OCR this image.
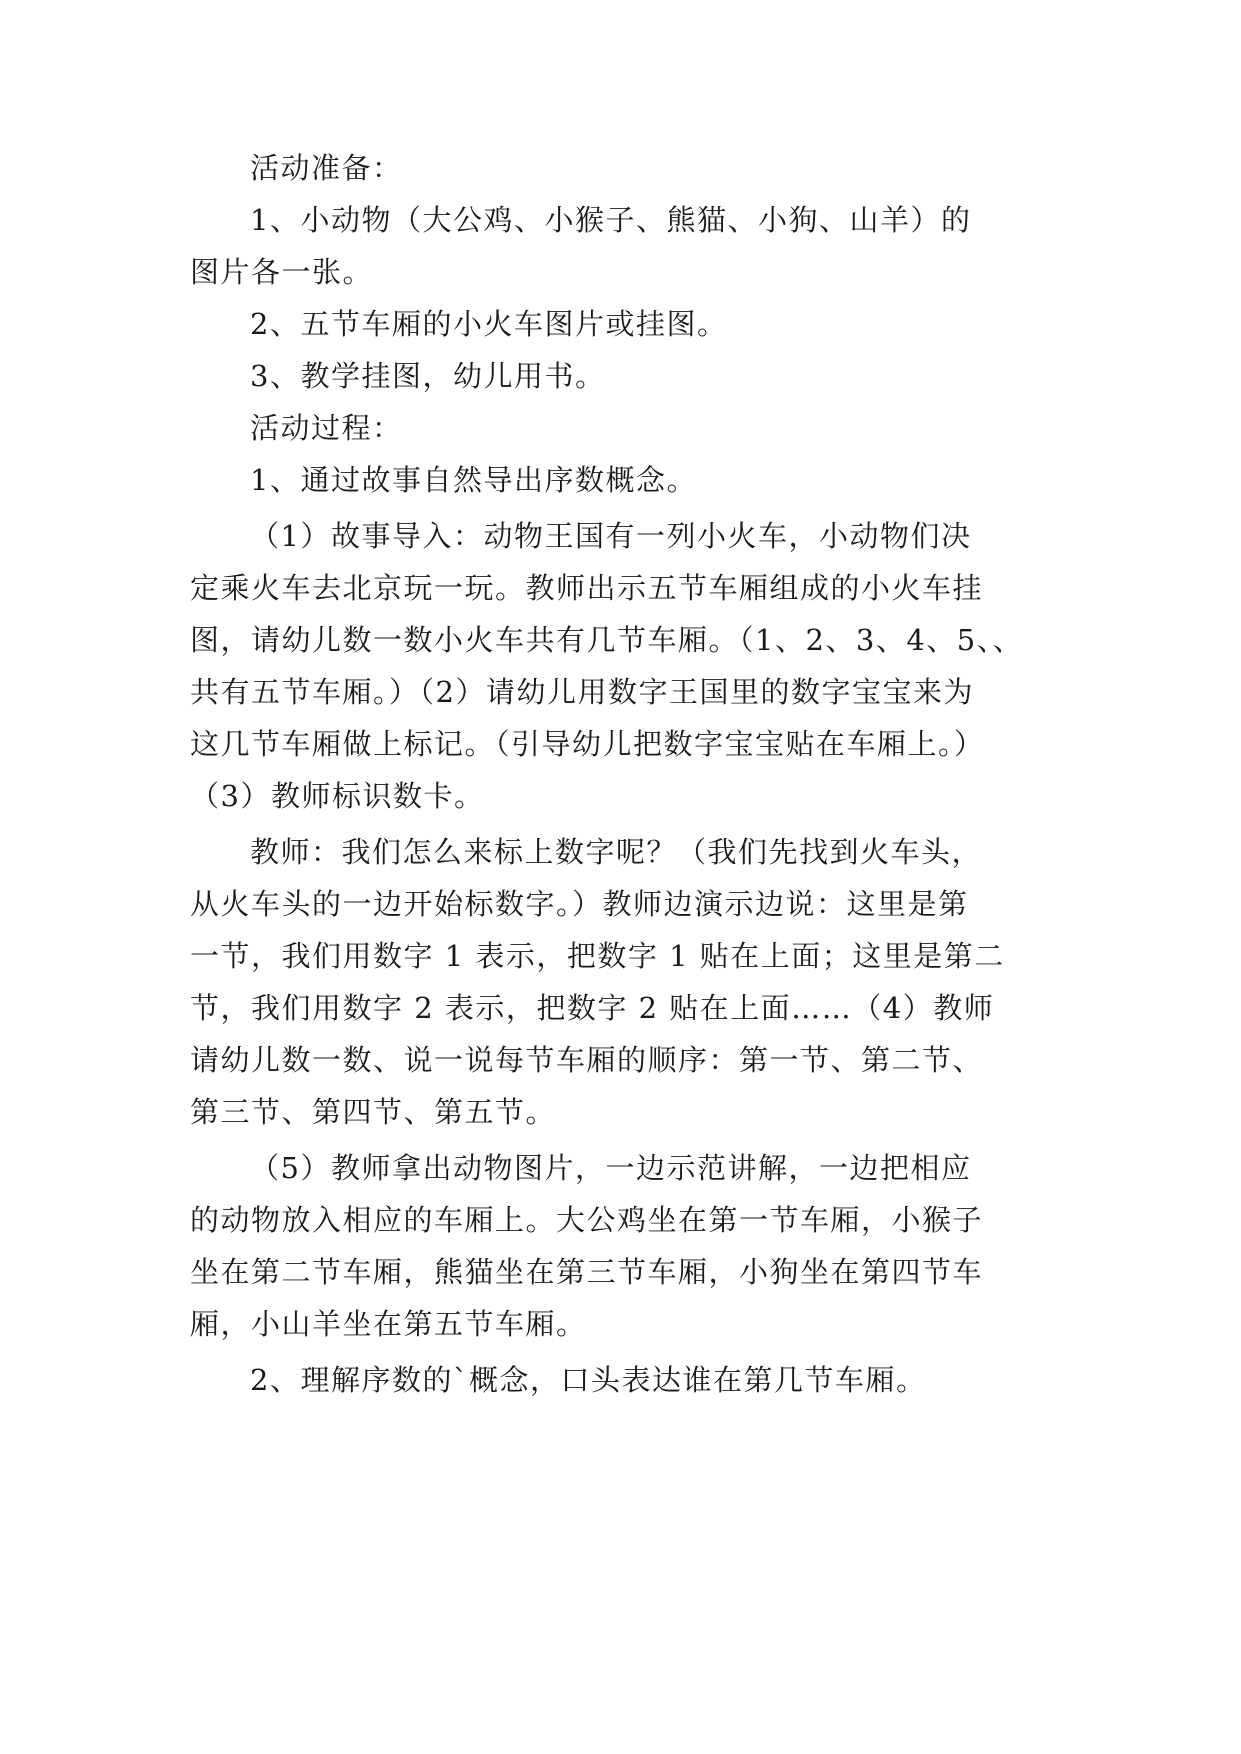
活动准备：
1、小动物（大公鸡、小猴子、熊猫、小狗、山羊）的
图片各一张。
2、五节车厢的小火车图片或挂图。
3、教学挂图，幼儿用书。
活动过程：
1、通过故事自然导出序数概念。
（1）故事导入：动物王国有一列小火车，小动物们决
定乘火车去北京玩一玩。教师出示五节车厢组成的小火车挂
图，请幼儿数一数小火车共有几节车厢。（1、2、3、4、5、、
共有五节车厢。）（2）请幼儿用数字王国里的数字宝宝来为
这几节车厢做上标记。（引导幼儿把数字宝宝贴在车厢上。）
（3）教师标识数卡。
教师：我们怎么来标上数字呢？（我们先找到火车头，
从火车头的一边开始标数字。）教师边演示边说：这里是第
一节，我们用数字 1 表示，把数字 1 贴在上面；这里是第二
节，我们用数字 2 表示，把数字 2 贴在上面……（4）教师
请幼儿数一数、说一说每节车厢的顺序：第一节、第二节、
第三节、第四节、第五节。
（5）教师拿出动物图片，一边示范讲解，一边把相应
的动物放入相应的车厢上。大公鸡坐在第一节车厢，小猴子
坐在第二节车厢，熊猫坐在第三节车厢，小狗坐在第四节车
厢，小山羊坐在第五节车厢。
2、理解序数的`概念，口头表达谁在第几节车厢。
